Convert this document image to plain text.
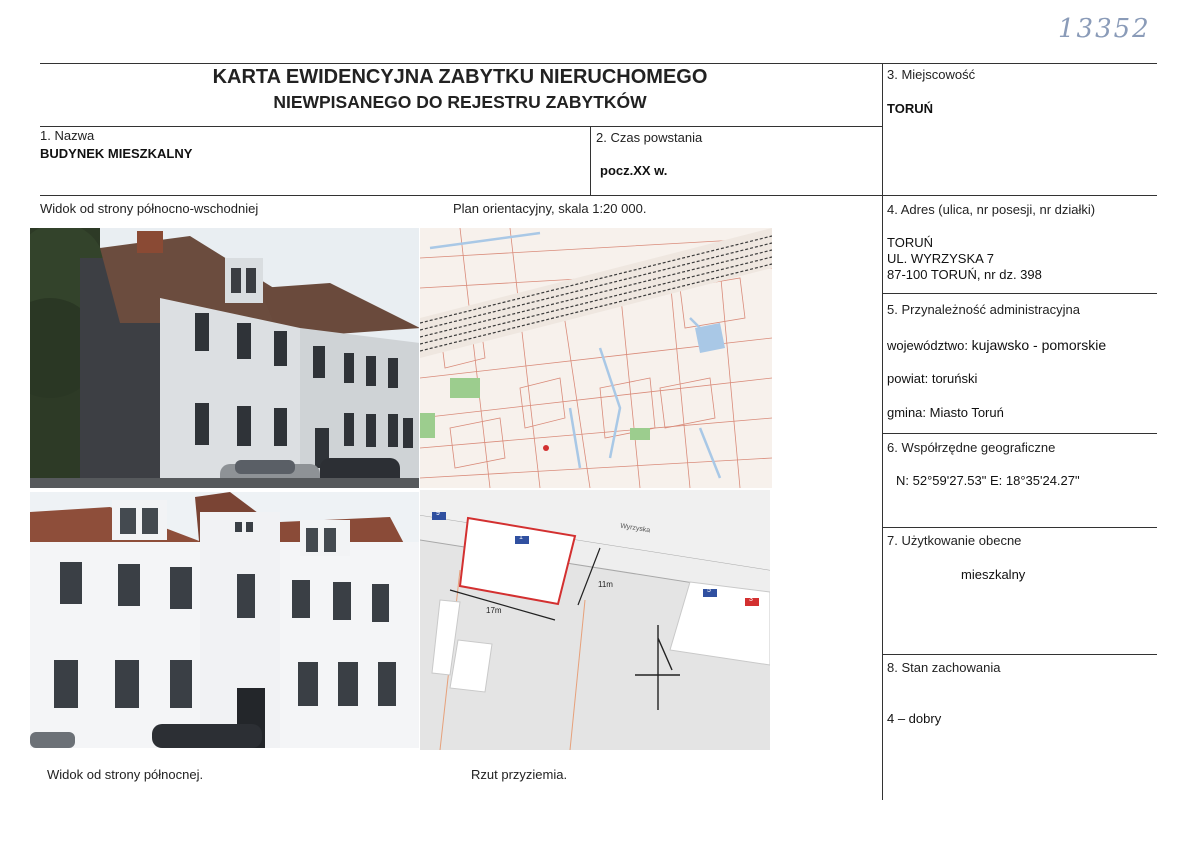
13352
KARTA EWIDENCYJNA ZABYTKU NIERUCHOMEGO
NIEWPISANEGO DO REJESTRU ZABYTKÓW
1. Nazwa
BUDYNEK MIESZKALNY
2. Czas powstania
pocz.XX w.
3. Miejscowość
TORUŃ
4. Adres (ulica, nr posesji, nr działki)
TORUŃ
UL. WYRZYSKA 7
87-100 TORUŃ, nr dz. 398
5. Przynależność administracyjna
województwo: kujawsko - pomorskie
powiat: toruński
gmina: Miasto Toruń
6. Współrzędne geograficzne
N: 52°59'27.53" E: 18°35'24.27"
7. Użytkowanie obecne
mieszkalny
8. Stan zachowania
4 – dobry
Widok od strony północno-wschodniej	Plan orientacyjny, skala 1:20 000.
Widok od strony północnej.	Rzut przyziemia.
Wyrzyska
17m
11m
1
9
5
3
